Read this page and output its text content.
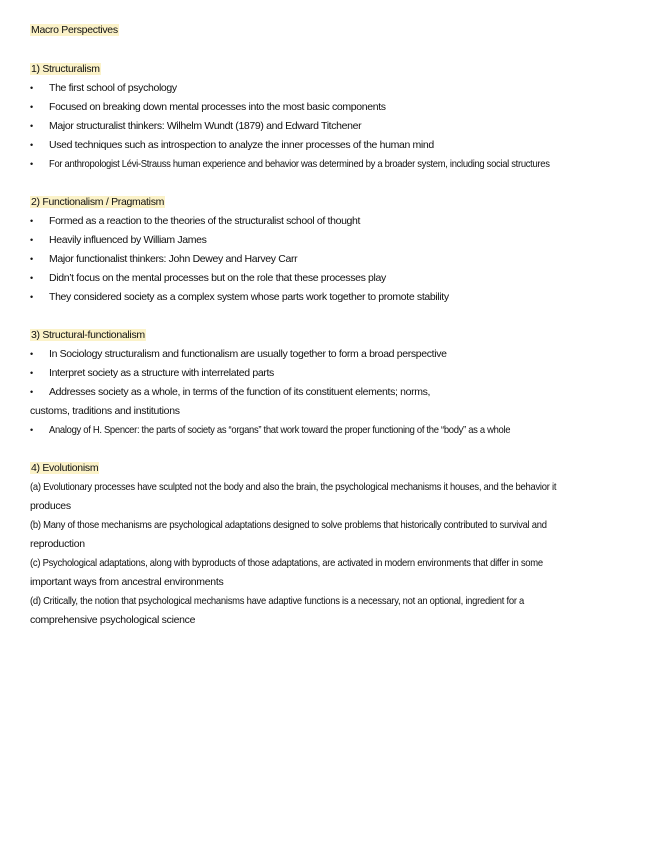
Macro Perspectives
1) Structuralism
• The first school of psychology
• Focused on breaking down mental processes into the most basic components
• Major structuralist thinkers: Wilhelm Wundt (1879) and Edward Titchener
• Used techniques such as introspection to analyze the inner processes of the human mind
• For anthropologist Lévi-Strauss human experience and behavior was determined by a broader system, including social structures
2) Functionalism / Pragmatism
• Formed as a reaction to the theories of the structuralist school of thought
• Heavily influenced by William James
• Major functionalist thinkers: John Dewey and Harvey Carr
• Didn’t focus on the mental processes but on the role that these processes play
• They considered society as a complex system whose parts work together to promote stability
3) Structural-functionalism
• In Sociology structuralism and functionalism are usually together to form a broad perspective
• Interpret society as a structure with interrelated parts
• Addresses society as a whole, in terms of the function of its constituent elements; norms,
customs, traditions and institutions
• Analogy of H. Spencer: the parts of society as “organs” that work toward the proper functioning of the “body” as a whole
4) Evolutionism
(a) Evolutionary processes have sculpted not the body and also the brain, the psychological mechanisms it houses, and the behavior it
produces
(b) Many of those mechanisms are psychological adaptations designed to solve problems that historically contributed to survival and
reproduction
(c) Psychological adaptations, along with byproducts of those adaptations, are activated in modern environments that differ in some
important ways from ancestral environments
(d) Critically, the notion that psychological mechanisms have adaptive functions is a necessary, not an optional, ingredient for a
comprehensive psychological science
